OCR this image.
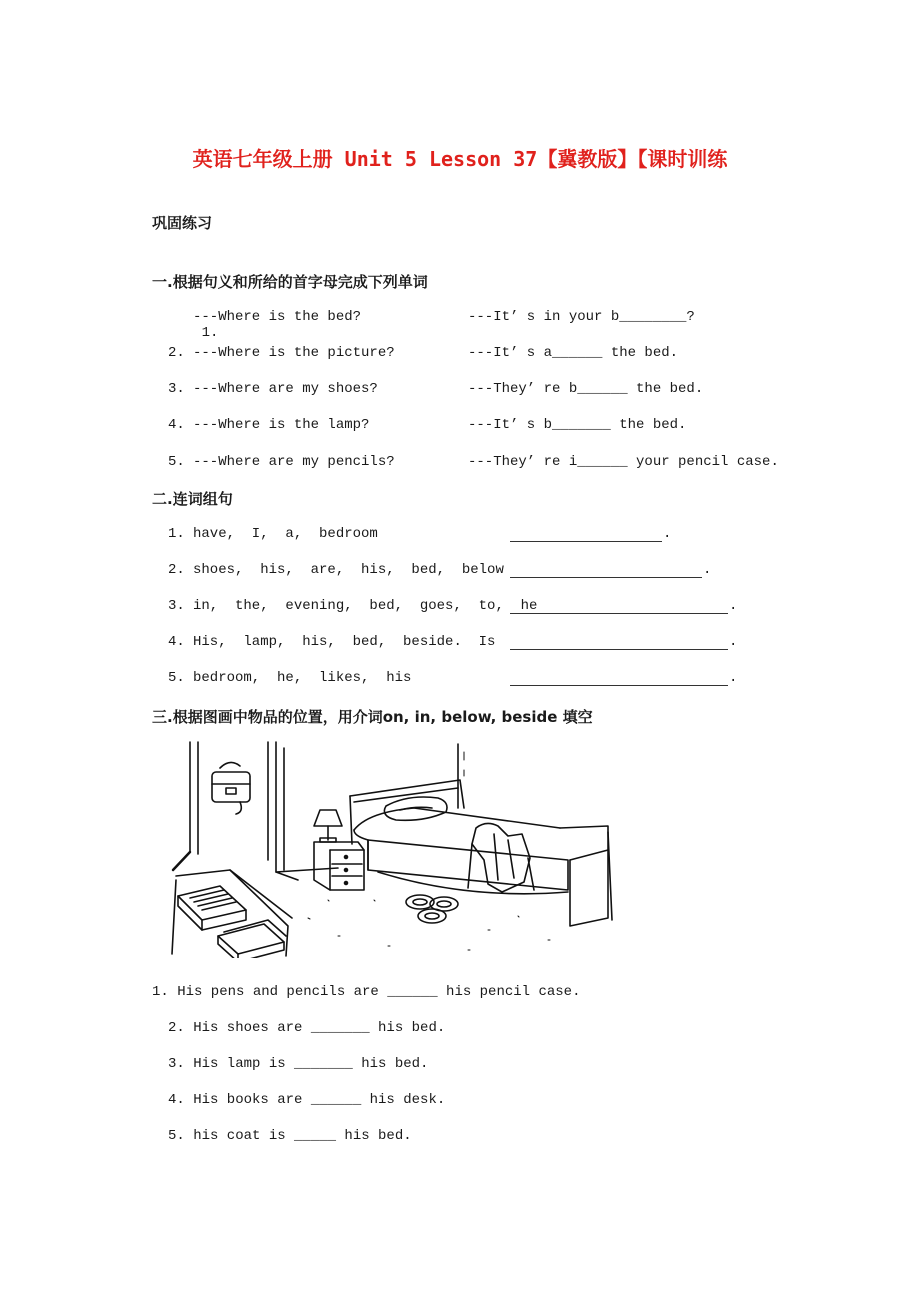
英语七年级上册 Unit 5 Lesson 37【冀教版】【课时训练
巩固练习
一.根据句义和所给的首字母完成下列单词

1.

---Where is the bed?	---It’ s in your b________?
2. ---Where is the picture?	---It’ s a______ the bed.
3. ---Where are my shoes?	---They’ re b______ the bed.
4. ---Where is the lamp?	---It’ s b_______ the bed.
5. ---Where are my pencils?	---They’ re i______ your pencil case.
二.连词组句
1. have,  I,  a,  bedroom	.
2. shoes,  his,  are,  his,  bed,  below	.
3. in,  the,  evening,  bed,  goes,  to,  he	.
4. His,  lamp,  his,  bed,  beside.  Is	.
5. bedroom,  he,  likes,  his	.
三.根据图画中物品的位置，用介词on, in, below, beside 填空
1. His pens and pencils are ______ his pencil case.
2. His shoes are _______ his bed.
3. His lamp is _______ his bed.
4. His books are ______ his desk.
5. his coat is _____ his bed.
